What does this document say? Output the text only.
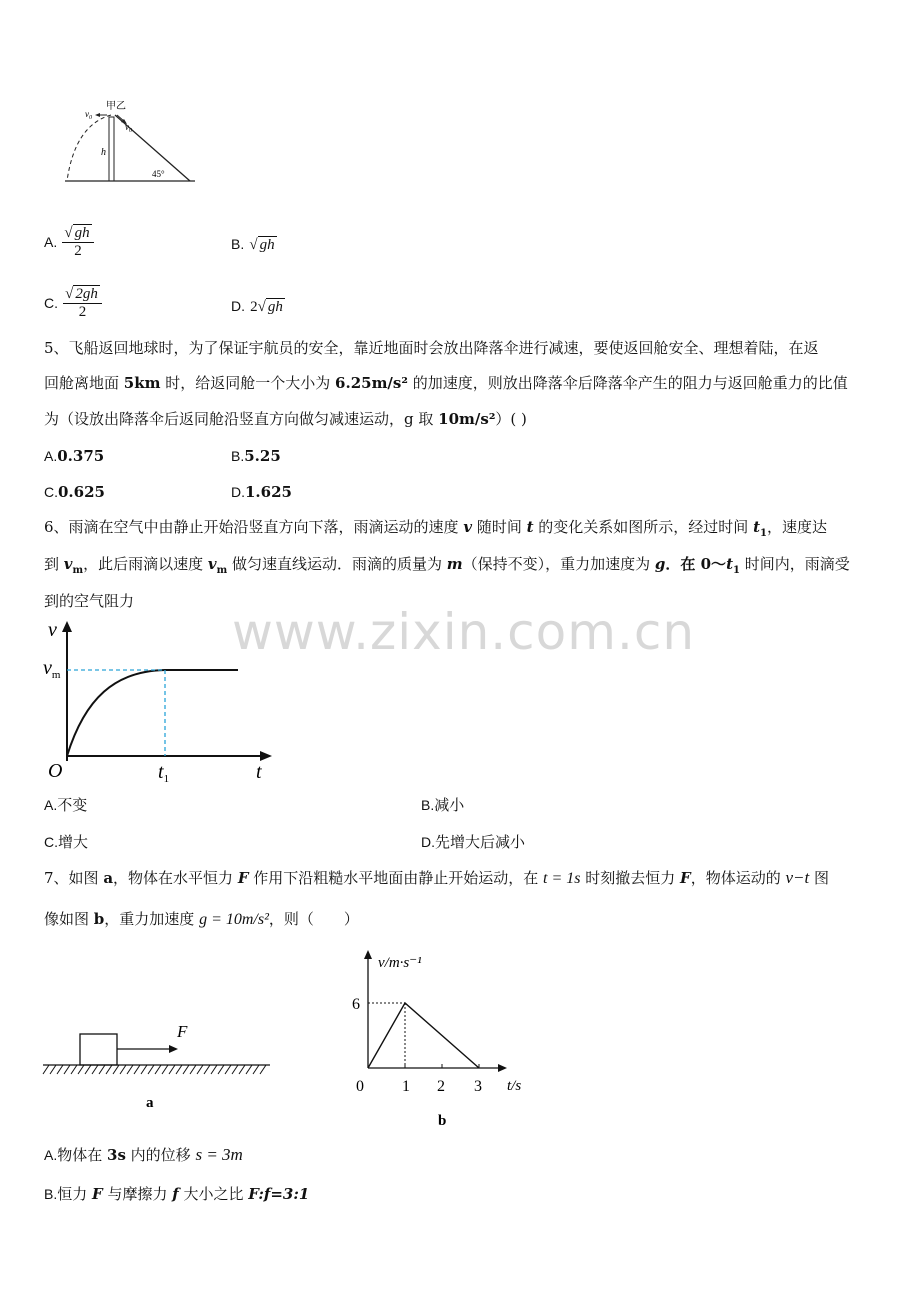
$v_0$
甲乙
$v_0$
h
45°
A. $\frac{√ gh}{2}$	B. √ gh
C. $\frac{√ 2gh}{2}$	D. 2√ gh
5、飞船返回地球时，为了保证宇航员的安全，靠近地面时会放出降落伞进行减速，要使返回舱安全、理想着陆，在返
回舱离地面 5km 时，给返同舱一个大小为 6.25m/s² 的加速度，则放出降落伞后降落伞产生的阻力与返回舱重力的比值
为（设放出降落伞后返同舱沿竖直方向做匀减速运动，g 取 10m/s²）( )
A.0.375	B.5.25
C.0.625	D.1.625
6、雨滴在空气中由静止开始沿竖直方向下落，雨滴运动的速度 v 随时间 t 的变化关系如图所示，经过时间 $t_1$，速度达
到 $v_m$，此后雨滴以速度 $v_m$ 做匀速直线运动．雨滴的质量为 m（保持不变），重力加速度为 g．在 $0\sim t_1$ 时间内，雨滴受
到的空气阻力
v
$v_m$
O	$t_1$	t
A.不变	B.减小
C.增大	D.先增大后减小
7、如图 a，物体在水平恒力 F 作用下沿粗糙水平地面由静止开始运动，在 t = 1s 时刻撤去恒力 F，物体运动的 v−t 图
像如图 b，重力加速度 g = 10m/s²，则（　　）
F
a
v/m·s⁻¹
6
0 1 2 3 t/s
b
A.物体在 3s 内的位移 s = 3m
B.恒力 F 与摩擦力 f 大小之比 F:f=3:1
www.zixin.com.cn
